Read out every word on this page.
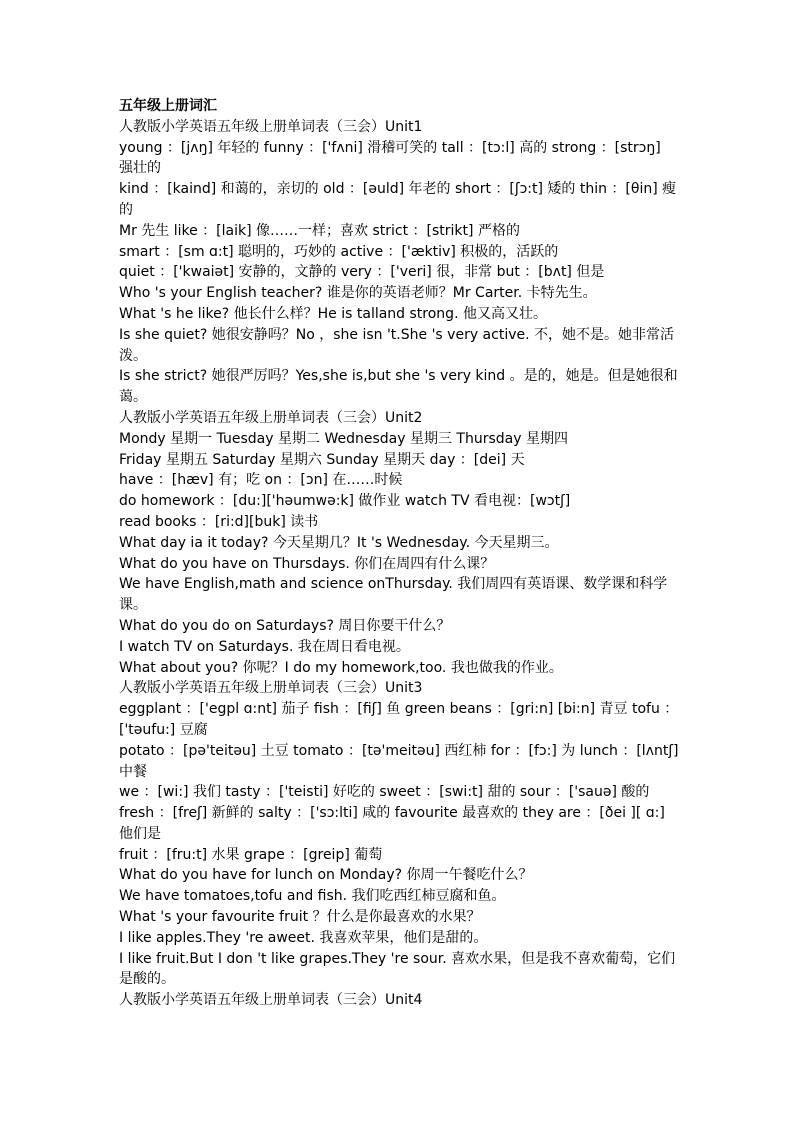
五年级上册词汇
人教版小学英语五年级上册单词表（三会）Unit1
young ：[jʌŋ] 年轻的 funny ：['fʌni] 滑稽可笑的 tall ：[tɔ:l] 高的 strong ：[strɔŋ] 强壮的
kind ：[kaind] 和蔼的，亲切的 old ：[əuld] 年老的 short ：[ʃɔ:t] 矮的 thin ：[θin] 瘦的
Mr 先生 like ：[laik] 像……一样；喜欢 strict ：[strikt] 严格的
smart ：[sm ɑ:t] 聪明的，巧妙的 active ：['æktiv] 积极的，活跃的
quiet ：['kwaiət] 安静的，文静的 very ：['veri] 很，非常 but ：[bʌt] 但是
Who 's your English teacher? 谁是你的英语老师？Mr Carter. 卡特先生。
What 's he like? 他长什么样？He is talland strong. 他又高又壮。
Is she quiet? 她很安静吗？No ，she isn 't.She 's very active. 不，她不是。她非常活泼。
Is she strict? 她很严厉吗？Yes,she is,but she 's very kind 。是的，她是。但是她很和蔼。
人教版小学英语五年级上册单词表（三会）Unit2
Mondy 星期一 Tuesday 星期二 Wednesday 星期三 Thursday 星期四
Friday 星期五 Saturday 星期六 Sunday 星期天 day ：[dei] 天
have ：[hæv] 有；吃 on ：[ɔn] 在……时候
do homework ：[du:]['həumwə:k] 做作业 watch TV 看电视：[wɔtʃ]
read books ：[ri:d][buk] 读书
What day ia it today? 今天星期几？It 's Wednesday. 今天星期三。
What do you have on Thursdays. 你们在周四有什么课？
We have English,math and science onThursday. 我们周四有英语课、数学课和科学课。
What do you do on Saturdays? 周日你要干什么？
I watch TV on Saturdays. 我在周日看电视。
What about you? 你呢？I do my homework,too. 我也做我的作业。
人教版小学英语五年级上册单词表（三会）Unit3
eggplant ：['egpl ɑ:nt] 茄子 fish ：[fiʃ] 鱼 green beans ：[gri:n] [bi:n] 青豆 tofu ：['təufu:] 豆腐
potato ：[pə'teitəu] 土豆 tomato ：[tə'meitəu] 西红柿 for ：[fɔ:] 为 lunch ：[lʌntʃ] 中餐
we ：[wi:] 我们 tasty ：['teisti] 好吃的 sweet ：[swi:t] 甜的 sour ：['sauə] 酸的
fresh ：[freʃ] 新鲜的 salty ：['sɔ:lti] 咸的 favourite 最喜欢的 they are ：[ðei ][ ɑ:] 他们是
fruit ：[fru:t] 水果 grape ：[greip] 葡萄
What do you have for lunch on Monday? 你周一午餐吃什么？
We have tomatoes,tofu and fish. 我们吃西红柿豆腐和鱼。
What 's your favourite fruit ？什么是你最喜欢的水果？
I like apples.They 're aweet. 我喜欢苹果，他们是甜的。
I like fruit.But I don 't like grapes.They 're sour. 喜欢水果，但是我不喜欢葡萄，它们是酸的。
人教版小学英语五年级上册单词表（三会）Unit4
